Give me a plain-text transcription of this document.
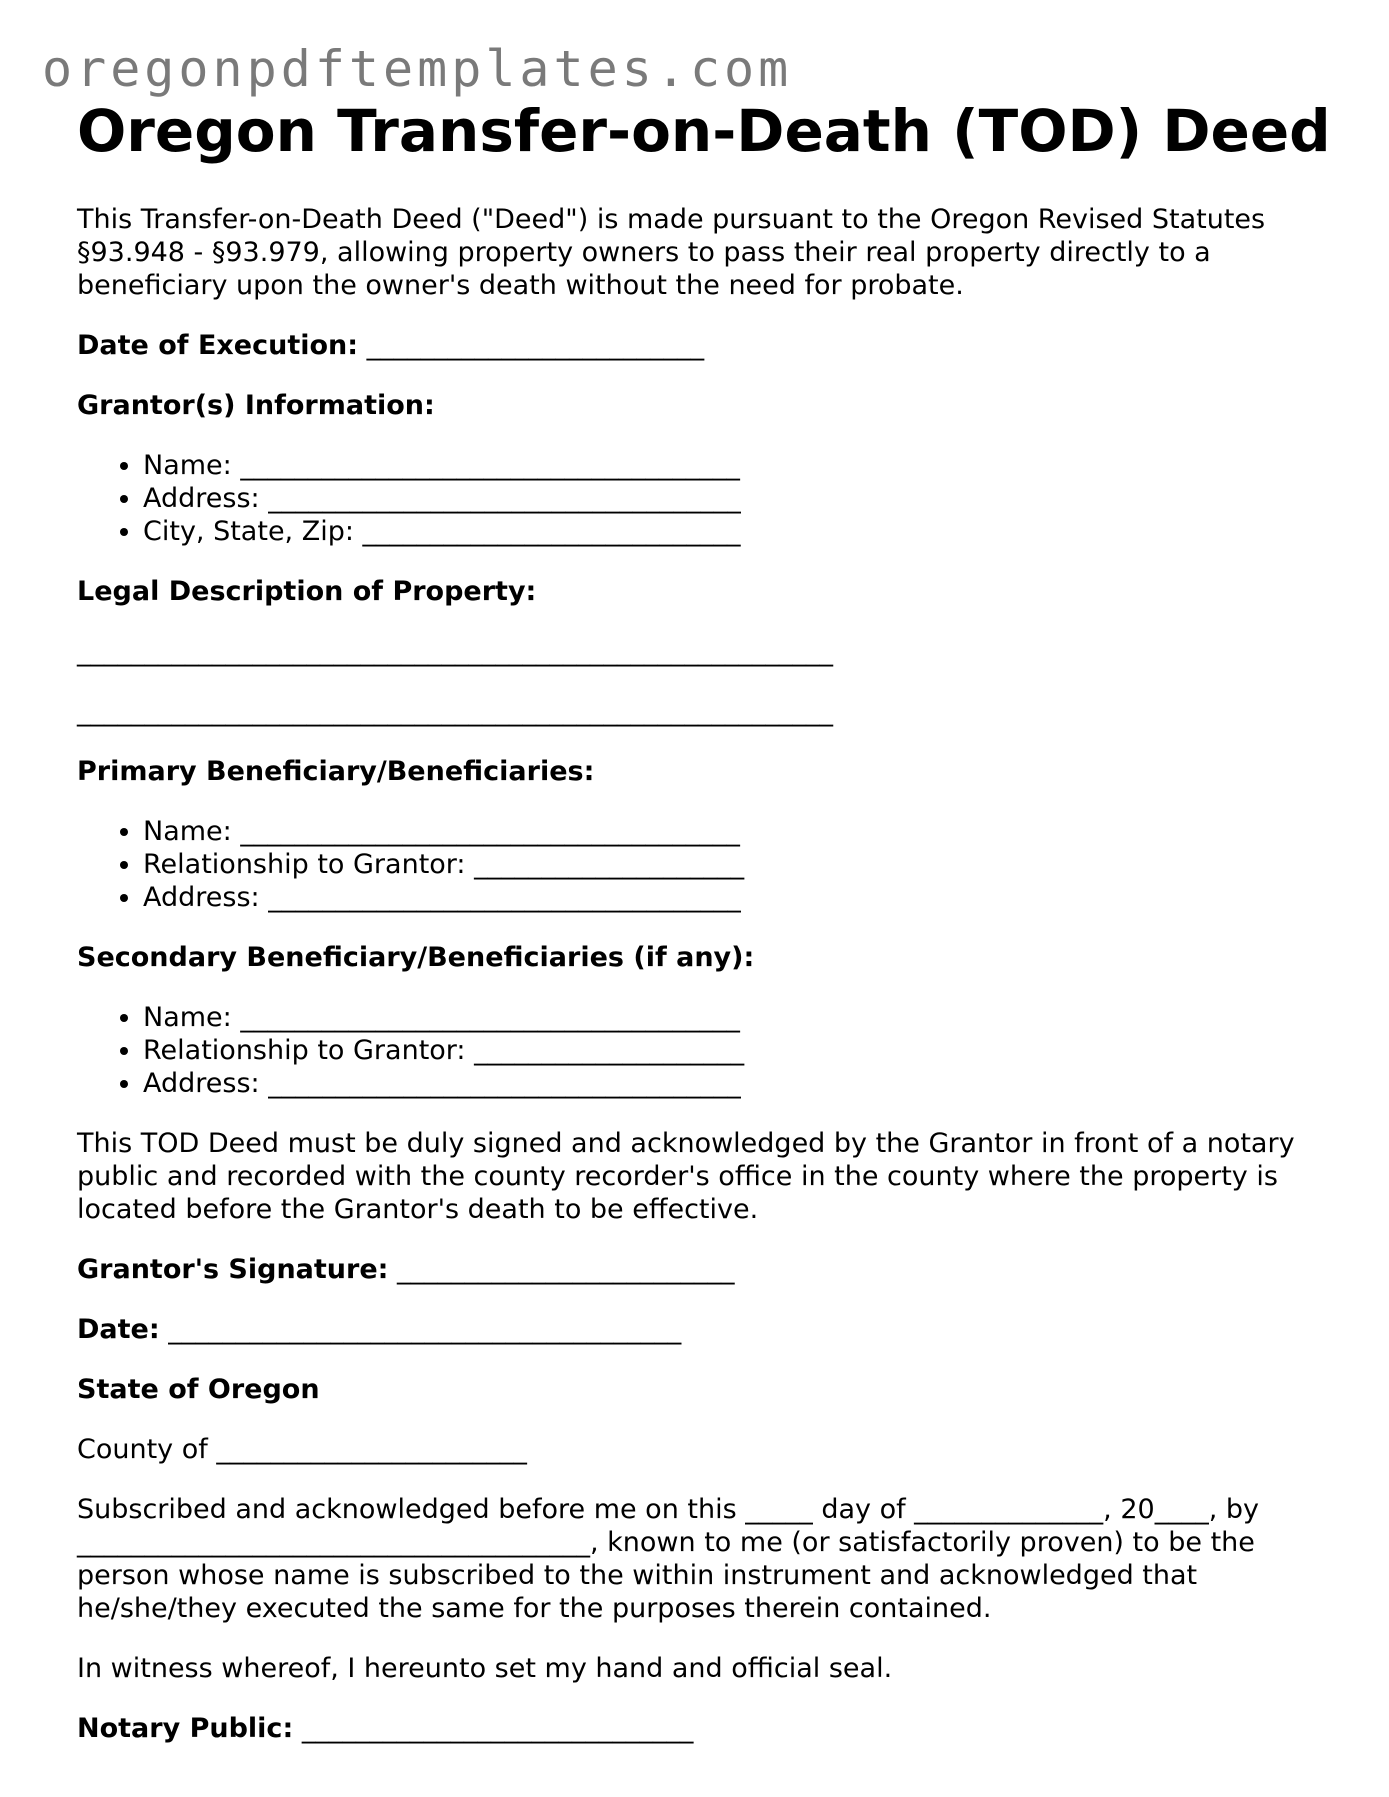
oregonpdftemplates.com
Oregon Transfer-on-Death (TOD) Deed

This Transfer-on-Death Deed ("Deed") is made pursuant to the Oregon Revised Statutes §93.948 - §93.979, allowing property owners to pass their real property directly to a beneficiary upon the owner's death without the need for probate.

Date of Execution: _________________________
Grantor(s) Information:
• Name: _____________________________________
• Address: ___________________________________
• City, State, Zip: ____________________________
Legal Description of Property:
________________________________________________________
________________________________________________________
Primary Beneficiary/Beneficiaries:
• Name: _____________________________________
• Relationship to Grantor: ____________________
• Address: ___________________________________
Secondary Beneficiary/Beneficiaries (if any):
• Name: _____________________________________
• Relationship to Grantor: ____________________
• Address: ___________________________________

This TOD Deed must be duly signed and acknowledged by the Grantor in front of a notary public and recorded with the county recorder's office in the county where the property is located before the Grantor's death to be effective.

Grantor's Signature: _________________________
Date: ______________________________________
State of Oregon
County of _______________________

Subscribed and acknowledged before me on this _____ day of ______________, 20____, by ______________________________________, known to me (or satisfactorily proven) to be the person whose name is subscribed to the within instrument and acknowledged that he/she/they executed the same for the purposes therein contained.

In witness whereof, I hereunto set my hand and official seal.

Notary Public: _____________________________
